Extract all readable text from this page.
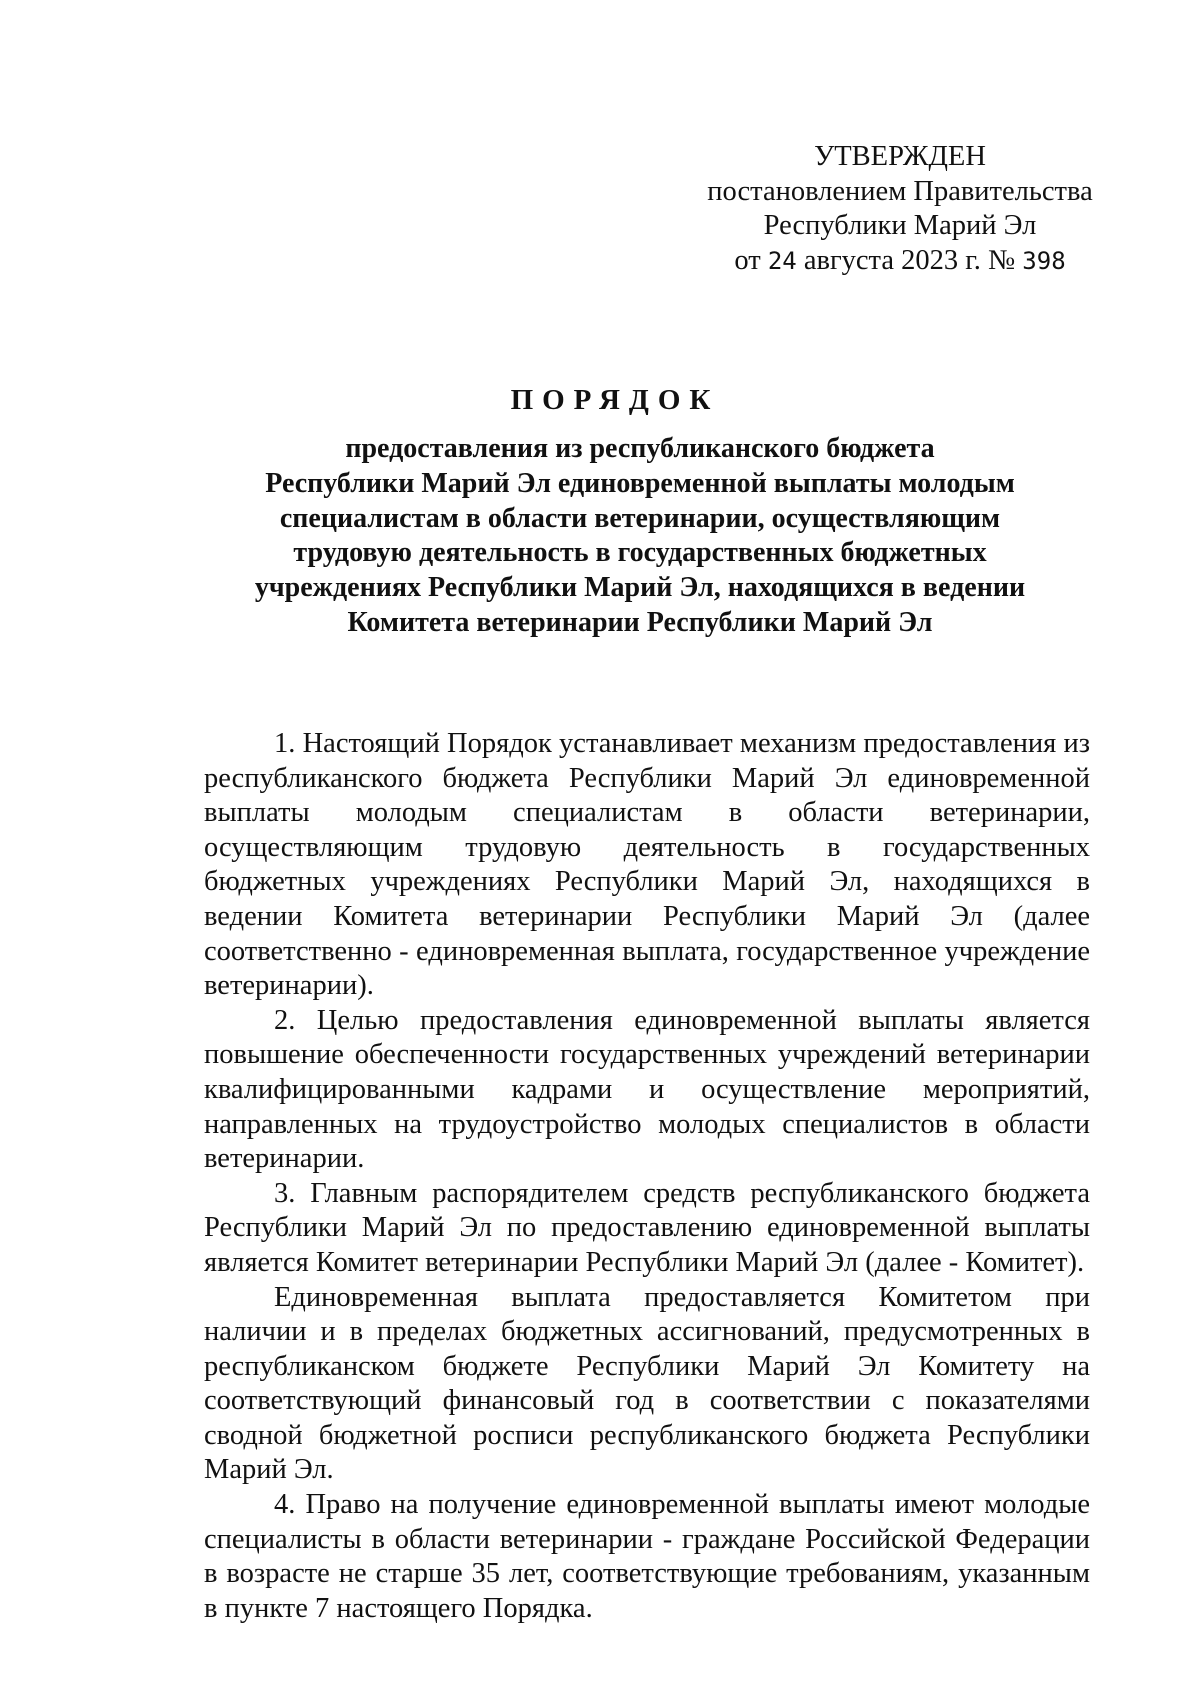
УТВЕРЖДЕН
постановлением Правительства
Республики Марий Эл
от 24 августа 2023 г. № 398
ПОРЯДОК
предоставления из республиканского бюджета
Республики Марий Эл единовременной выплаты молодым
специалистам в области ветеринарии, осуществляющим
трудовую деятельность в государственных бюджетных
учреждениях Республики Марий Эл, находящихся в ведении
Комитета ветеринарии Республики Марий Эл

1. Настоящий Порядок устанавливает механизм предоставления из республиканского бюджета Республики Марий Эл единовременной выплаты молодым специалистам в области ветеринарии, осуществляющим трудовую деятельность в государственных бюджетных учреждениях Республики Марий Эл, находящихся в ведении Комитета ветеринарии Республики Марий Эл (далее соответственно - единовременная выплата, государственное учреждение ветеринарии).

2. Целью предоставления единовременной выплаты является повышение обеспеченности государственных учреждений ветеринарии квалифицированными кадрами и осуществление мероприятий, направленных на трудоустройство молодых специалистов в области ветеринарии.

3. Главным распорядителем средств республиканского бюджета Республики Марий Эл по предоставлению единовременной выплаты является Комитет ветеринарии Республики Марий Эл (далее - Комитет).

Единовременная выплата предоставляется Комитетом при наличии и в пределах бюджетных ассигнований, предусмотренных в республиканском бюджете Республики Марий Эл Комитету на соответствующий финансовый год в соответствии с показателями сводной бюджетной росписи республиканского бюджета Республики Марий Эл.

4. Право на получение единовременной выплаты имеют молодые специалисты в области ветеринарии - граждане Российской Федерации в возрасте не старше 35 лет, соответствующие требованиям, указанным в пункте 7 настоящего Порядка.
